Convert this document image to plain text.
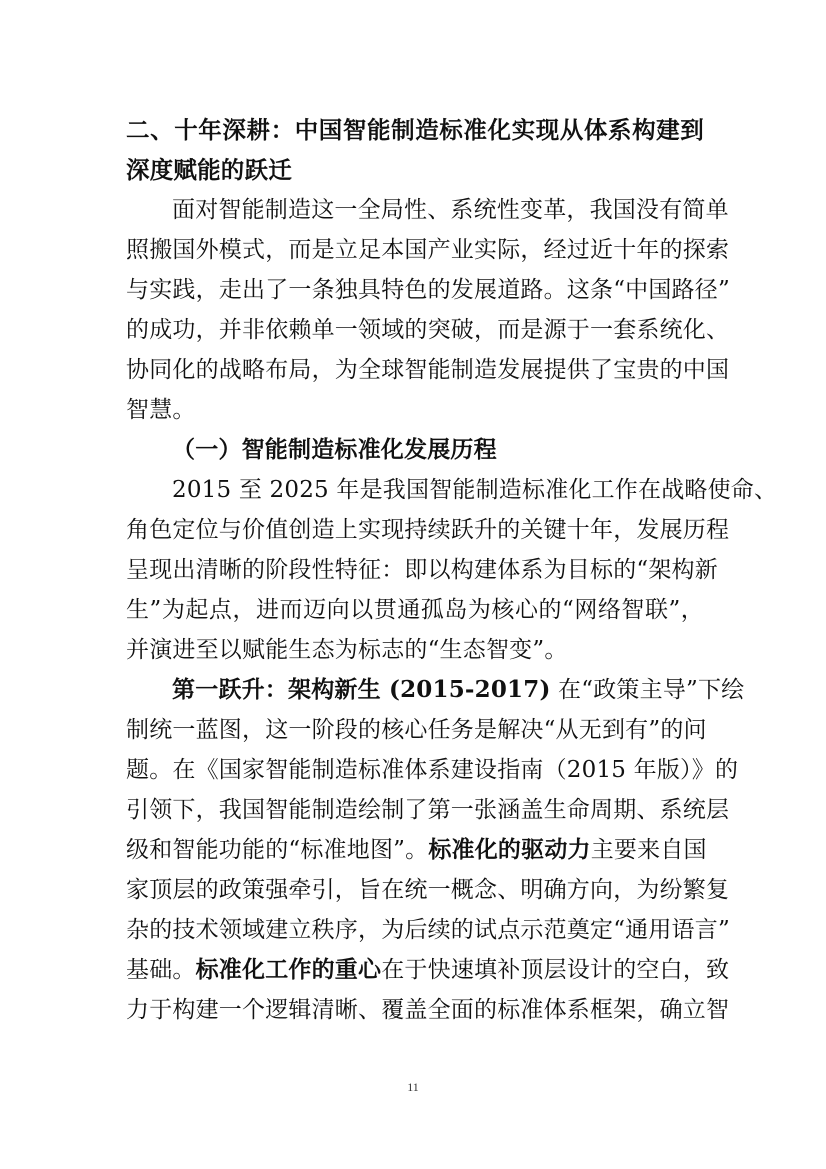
二、十年深耕：中国智能制造标准化实现从体系构建到
深度赋能的跃迁
面对智能制造这一全局性、系统性变革，我国没有简单
照搬国外模式，而是立足本国产业实际，经过近十年的探索
与实践，走出了一条独具特色的发展道路。这条“中国路径”
的成功，并非依赖单一领域的突破，而是源于一套系统化、
协同化的战略布局，为全球智能制造发展提供了宝贵的中国
智慧。
（一）智能制造标准化发展历程
2015 至 2025 年是我国智能制造标准化工作在战略使命、
角色定位与价值创造上实现持续跃升的关键十年，发展历程
呈现出清晰的阶段性特征：即以构建体系为目标的“架构新
生”为起点，进而迈向以贯通孤岛为核心的“网络智联”，
并演进至以赋能生态为标志的“生态智变”。
第一跃升：架构新生 (2015-2017) 在“政策主导”下绘
制统一蓝图，这一阶段的核心任务是解决“从无到有”的问
题。在《国家智能制造标准体系建设指南（2015 年版）》的
引领下，我国智能制造绘制了第一张涵盖生命周期、系统层
级和智能功能的“标准地图”。标准化的驱动力主要来自国
家顶层的政策强牵引，旨在统一概念、明确方向，为纷繁复
杂的技术领域建立秩序，为后续的试点示范奠定“通用语言”
基础。标准化工作的重心在于快速填补顶层设计的空白，致
力于构建一个逻辑清晰、覆盖全面的标准体系框架，确立智
11
